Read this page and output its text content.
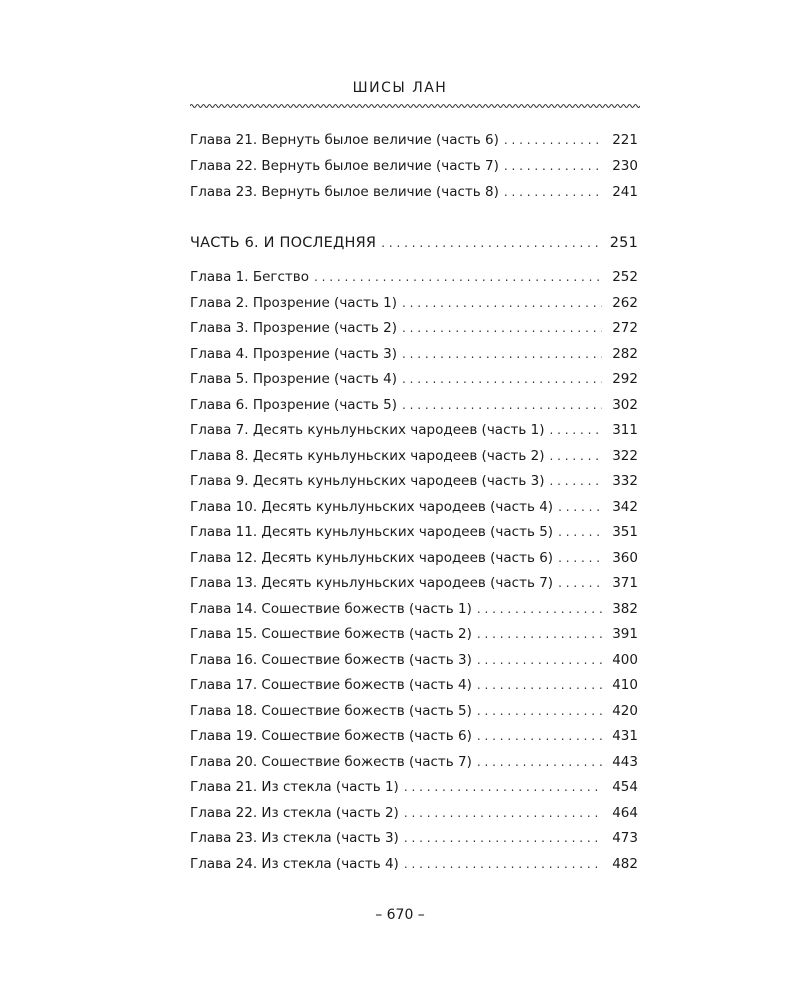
ШИСЫ ЛАН
Глава 21. Вернуть былое величие (часть 6) . . .	221
Глава 22. Вернуть былое величие (часть 7) . . .	230
Глава 23. Вернуть былое величие (часть 8) . . .	241
ЧАСТЬ 6. И ПОСЛЕДНЯЯ . . .	251
Глава 1. Бегство . . .	252
Глава 2. Прозрение (часть 1) . . .	262
Глава 3. Прозрение (часть 2) . . .	272
Глава 4. Прозрение (часть 3) . . .	282
Глава 5. Прозрение (часть 4) . . .	292
Глава 6. Прозрение (часть 5) . . .	302
Глава 7. Десять куньлуньских чародеев (часть 1) . . .	311
Глава 8. Десять куньлуньских чародеев (часть 2) . . .	322
Глава 9. Десять куньлуньских чародеев (часть 3) . . .	332
Глава 10. Десять куньлуньских чародеев (часть 4) . . .	342
Глава 11. Десять куньлуньских чародеев (часть 5) . . .	351
Глава 12. Десять куньлуньских чародеев (часть 6) . . .	360
Глава 13. Десять куньлуньских чародеев (часть 7) . . .	371
Глава 14. Сошествие божеств (часть 1) . . .	382
Глава 15. Сошествие божеств (часть 2) . . .	391
Глава 16. Сошествие божеств (часть 3) . . .	400
Глава 17. Сошествие божеств (часть 4) . . .	410
Глава 18. Сошествие божеств (часть 5) . . .	420
Глава 19. Сошествие божеств (часть 6) . . .	431
Глава 20. Сошествие божеств (часть 7) . . .	443
Глава 21. Из стекла (часть 1) . . .	454
Глава 22. Из стекла (часть 2) . . .	464
Глава 23. Из стекла (часть 3) . . .	473
Глава 24. Из стекла (часть 4) . . .	482
– 670 –
